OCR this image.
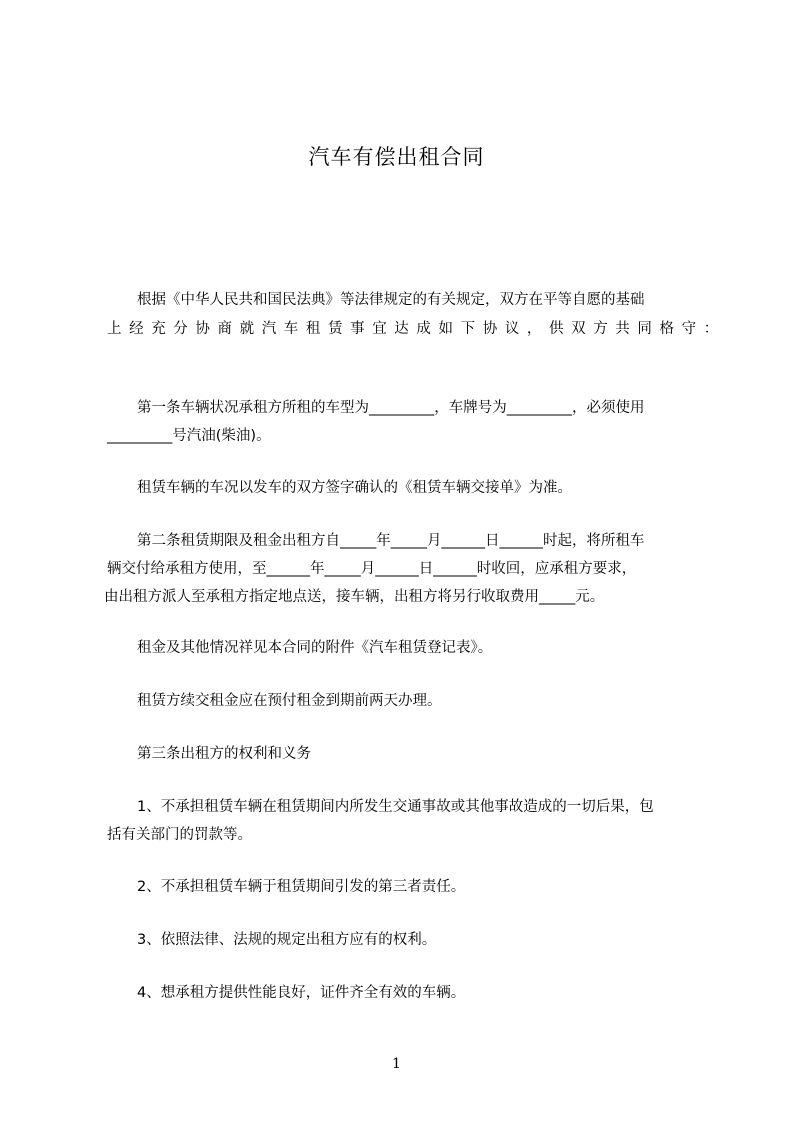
汽车有偿出租合同
根据《中华人民共和国民法典》等法律规定的有关规定，双方在平等自愿的基础
上经充分协商就汽车租赁事宜达成如下协议，供双方共同格守：
第一条车辆状况承租方所租的车型为_________，车牌号为_________，必须使用
_________号汽油(柴油)。
租赁车辆的车况以发车的双方签字确认的《租赁车辆交接单》为准。
第二条租赁期限及租金出租方自_____年_____月______日______时起，将所租车
辆交付给承租方使用，至______年_____月______日______时收回，应承租方要求，
由出租方派人至承租方指定地点送，接车辆，出租方将另行收取费用_____元。
租金及其他情况祥见本合同的附件《汽车租赁登记表》。
租赁方续交租金应在预付租金到期前两天办理。
第三条出租方的权利和义务
1、不承担租赁车辆在租赁期间内所发生交通事故或其他事故造成的一切后果，包
括有关部门的罚款等。
2、不承担租赁车辆于租赁期间引发的第三者责任。
3、依照法律、法规的规定出租方应有的权利。
4、想承租方提供性能良好，证件齐全有效的车辆。
1
